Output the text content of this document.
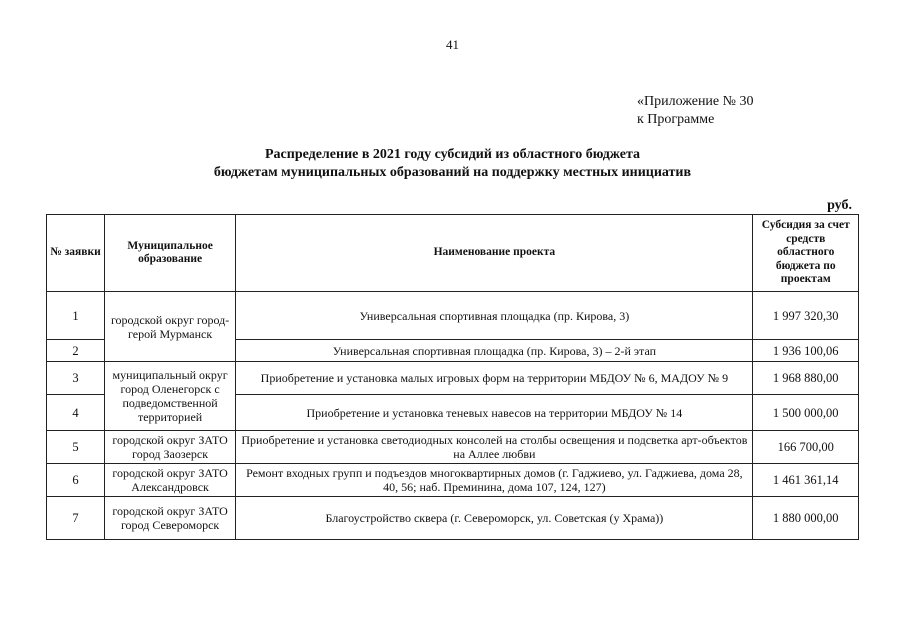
41
«Приложение № 30
к Программе
Распределение в 2021 году субсидий из областного бюджета
бюджетам муниципальных образований на поддержку местных инициатив
руб.
№ заявки	Муниципальное образование	Наименование проекта	Субсидия за счет средств областного бюджета по проектам
1	городской округ город-герой Мурманск	Универсальная спортивная площадка (пр. Кирова, 3)	1 997 320,30
2		Универсальная спортивная площадка (пр. Кирова, 3) – 2-й этап	1 936 100,06
3	муниципальный округ город Оленегорск с подведомственной территорией	Приобретение и установка малых игровых форм на территории МБДОУ № 6, МАДОУ № 9	1 968 880,00
4		Приобретение и установка теневых навесов на территории МБДОУ № 14	1 500 000,00
5	городской округ ЗАТО город Заозерск	Приобретение и установка светодиодных консолей на столбы освещения и подсветка арт-объектов на Аллее любви	166 700,00
6	городской округ ЗАТО Александровск	Ремонт входных групп и подъездов многоквартирных домов (г. Гаджиево, ул. Гаджиева, дома 28, 40, 56; наб. Преминина, дома 107, 124, 127)	1 461 361,14
7	городской округ ЗАТО город Североморск	Благоустройство сквера (г. Североморск, ул. Советская (у Храма))	1 880 000,00
